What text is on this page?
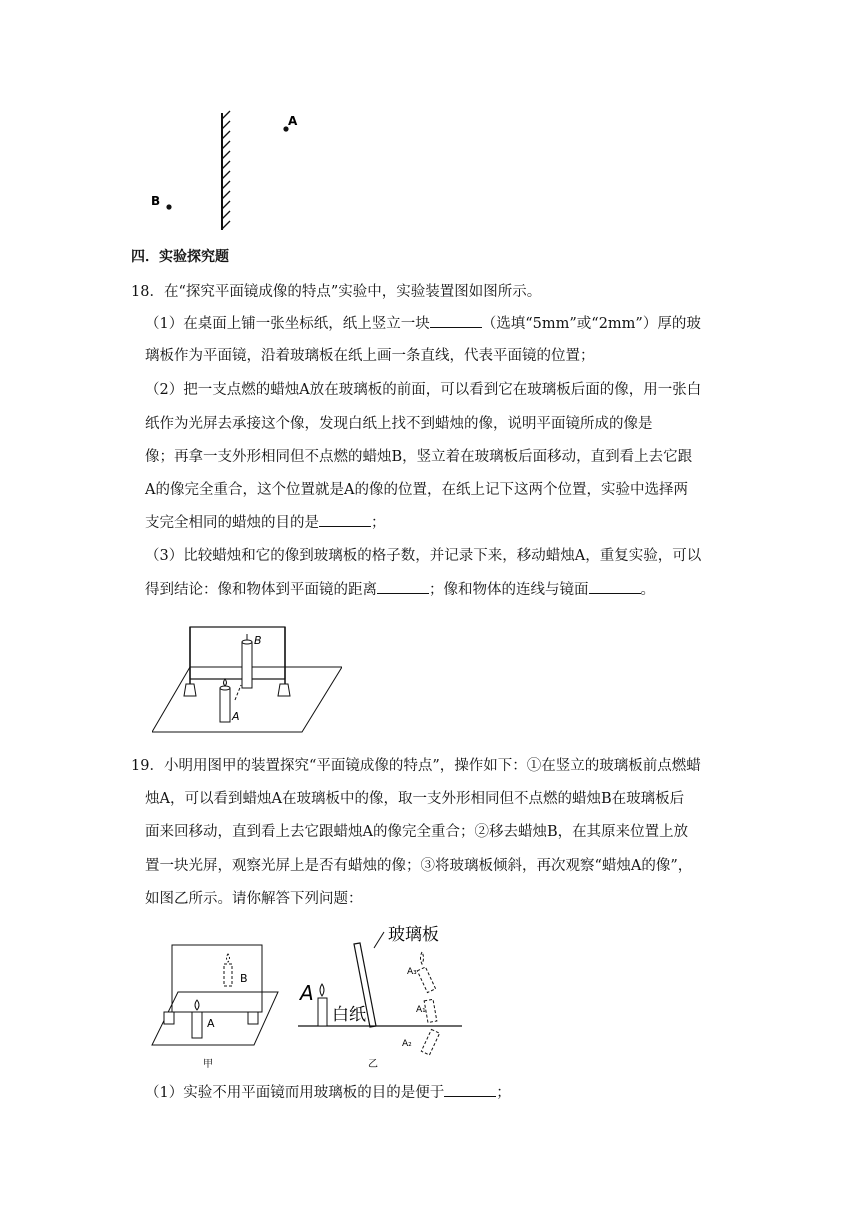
A
B
四．实验探究题
18．在“探究平面镜成像的特点”实验中，实验装置图如图所示。
（1）在桌面上铺一张坐标纸，纸上竖立一块	（选填“5mm”或“2mm”）厚的玻
璃板作为平面镜，沿着玻璃板在纸上画一条直线，代表平面镜的位置；
（2）把一支点燃的蜡烛A放在玻璃板的前面，可以看到它在玻璃板后面的像，用一张白
纸作为光屏去承接这个像，发现白纸上找不到蜡烛的像，说明平面镜所成的像是
像；再拿一支外形相同但不点燃的蜡烛B，竖立着在玻璃板后面移动，直到看上去它跟
A的像完全重合，这个位置就是A的像的位置，在纸上记下这两个位置，实验中选择两
支完全相同的蜡烛的目的是	；
（3）比较蜡烛和它的像到玻璃板的格子数，并记录下来，移动蜡烛A，重复实验，可以
得到结论：像和物体到平面镜的距离	；像和物体的连线与镜面	。
B
A
19．小明用图甲的装置探究“平面镜成像的特点”，操作如下：①在竖立的玻璃板前点燃蜡
烛A，可以看到蜡烛A在玻璃板中的像，取一支外形相同但不点燃的蜡烛B在玻璃板后
面来回移动，直到看上去它跟蜡烛A的像完全重合；②移去蜡烛B，在其原来位置上放
置一块光屏，观察光屏上是否有蜡烛的像；③将玻璃板倾斜，再次观察“蜡烛A的像”，
如图乙所示。请你解答下列问题：
B
A
甲
玻璃板
A
白纸
A₃
A₁
A₂
乙
（1）实验不用平面镜而用玻璃板的目的是便于	；
